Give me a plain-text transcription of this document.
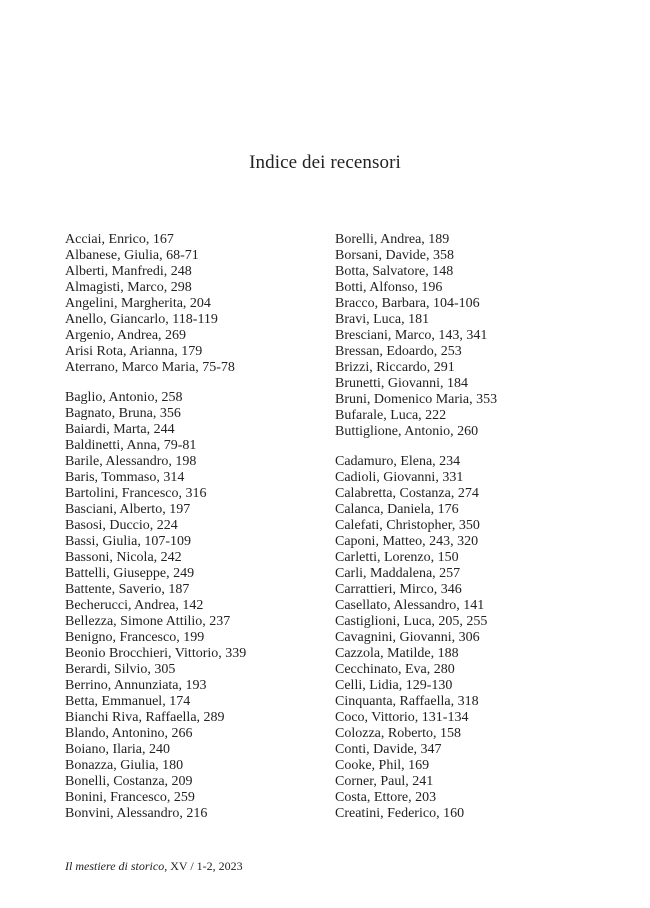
Indice dei recensori
Acciai, Enrico, 167
Albanese, Giulia, 68-71
Alberti, Manfredi, 248
Almagisti, Marco, 298
Angelini, Margherita, 204
Anello, Giancarlo, 118-119
Argenio, Andrea, 269
Arisi Rota, Arianna, 179
Aterrano, Marco Maria, 75-78
Baglio, Antonio, 258
Bagnato, Bruna, 356
Baiardi, Marta, 244
Baldinetti, Anna, 79-81
Barile, Alessandro, 198
Baris, Tommaso, 314
Bartolini, Francesco, 316
Basciani, Alberto, 197
Basosi, Duccio, 224
Bassi, Giulia, 107-109
Bassoni, Nicola, 242
Battelli, Giuseppe, 249
Battente, Saverio, 187
Becherucci, Andrea, 142
Bellezza, Simone Attilio, 237
Benigno, Francesco, 199
Beonio Brocchieri, Vittorio, 339
Berardi, Silvio, 305
Berrino, Annunziata, 193
Betta, Emmanuel, 174
Bianchi Riva, Raffaella, 289
Blando, Antonino, 266
Boiano, Ilaria, 240
Bonazza, Giulia, 180
Bonelli, Costanza, 209
Bonini, Francesco, 259
Bonvini, Alessandro, 216
Borelli, Andrea, 189
Borsani, Davide, 358
Botta, Salvatore, 148
Botti, Alfonso, 196
Bracco, Barbara, 104-106
Bravi, Luca, 181
Bresciani, Marco, 143, 341
Bressan, Edoardo, 253
Brizzi, Riccardo, 291
Brunetti, Giovanni, 184
Bruni, Domenico Maria, 353
Bufarale, Luca, 222
Buttiglione, Antonio, 260
Cadamuro, Elena, 234
Cadioli, Giovanni, 331
Calabretta, Costanza, 274
Calanca, Daniela, 176
Calefati, Christopher, 350
Caponi, Matteo, 243, 320
Carletti, Lorenzo, 150
Carli, Maddalena, 257
Carrattieri, Mirco, 346
Casellato, Alessandro, 141
Castiglioni, Luca, 205, 255
Cavagnini, Giovanni, 306
Cazzola, Matilde, 188
Cecchinato, Eva, 280
Celli, Lidia, 129-130
Cinquanta, Raffaella, 318
Coco, Vittorio, 131-134
Colozza, Roberto, 158
Conti, Davide, 347
Cooke, Phil, 169
Corner, Paul, 241
Costa, Ettore, 203
Creatini, Federico, 160
Il mestiere di storico, XV / 1-2, 2023
